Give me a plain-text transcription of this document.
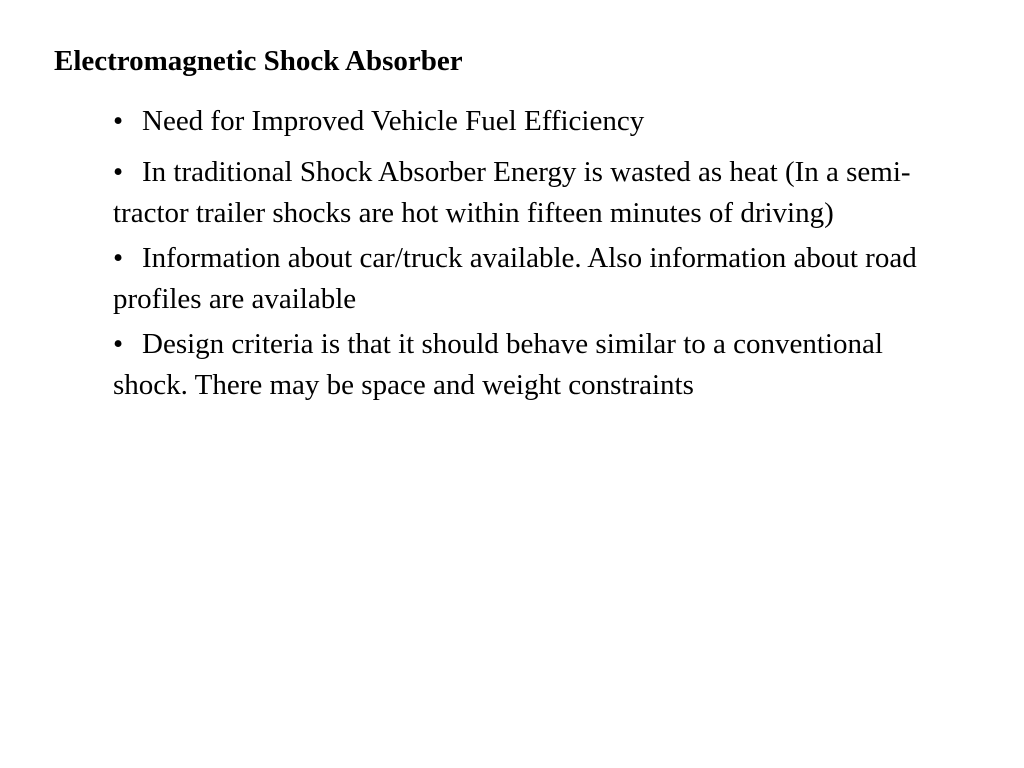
Electromagnetic Shock Absorber
• Need for Improved Vehicle Fuel Efficiency
• In traditional Shock Absorber Energy is wasted as heat (In a semi-tractor trailer shocks are hot within fifteen minutes of driving)
• Information about car/truck available. Also information about road profiles are available
• Design criteria is that it should behave similar to a conventional shock. There may be space and weight constraints
